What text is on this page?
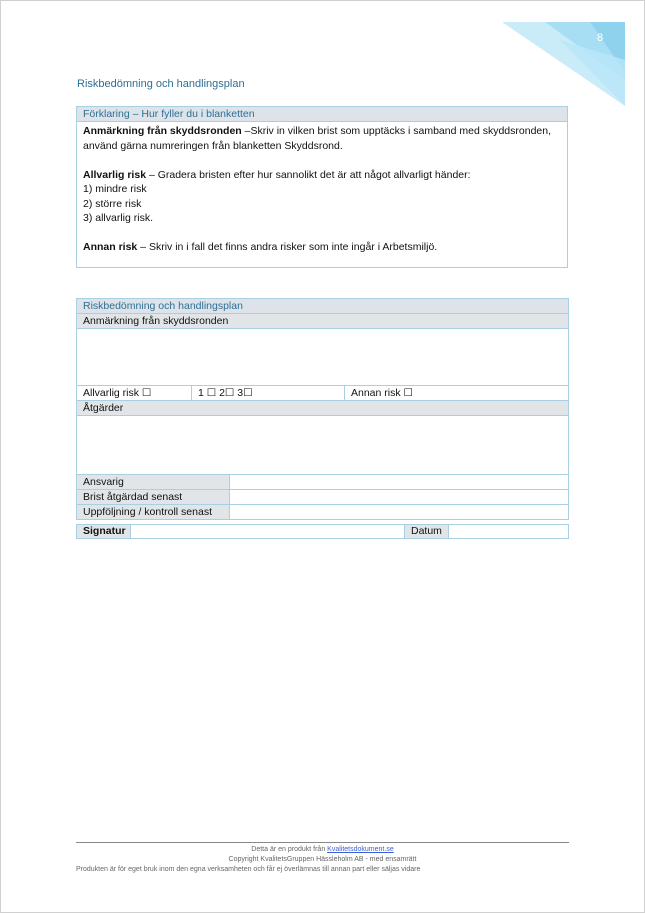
8
Riskbedömning och handlingsplan
Förklaring – Hur fyller du i blanketten

Anmärkning från skyddsronden –Skriv in vilken brist som upptäcks i samband med skyddsronden,

använd gärna numreringen från blanketten Skyddsrond.

Allvarlig risk – Gradera bristen efter hur sannolikt det är att något allvarligt händer:

1) mindre risk

2) större risk

3) allvarlig risk.

Annan risk – Skriv in i fall det finns andra risker som inte ingår i Arbetsmiljö.

Riskbedömning och handlingsplan			
Anmärkning från skyddsronden			

Allvarlig risk ☐	1 ☐ 2☐ 3☐		Annan risk ☐
Åtgärder			

Ansvarig			
Brist åtgärdad senast			
Uppföljning / kontroll senast			
Signatur		Datum	
Detta är en produkt från Kvalitetsdokument.se
Copyright KvalitetsGruppen Hässleholm AB - med ensamrätt
Produkten är för eget bruk inom den egna verksamheten och får ej överlämnas till annan part eller säljas vidare
